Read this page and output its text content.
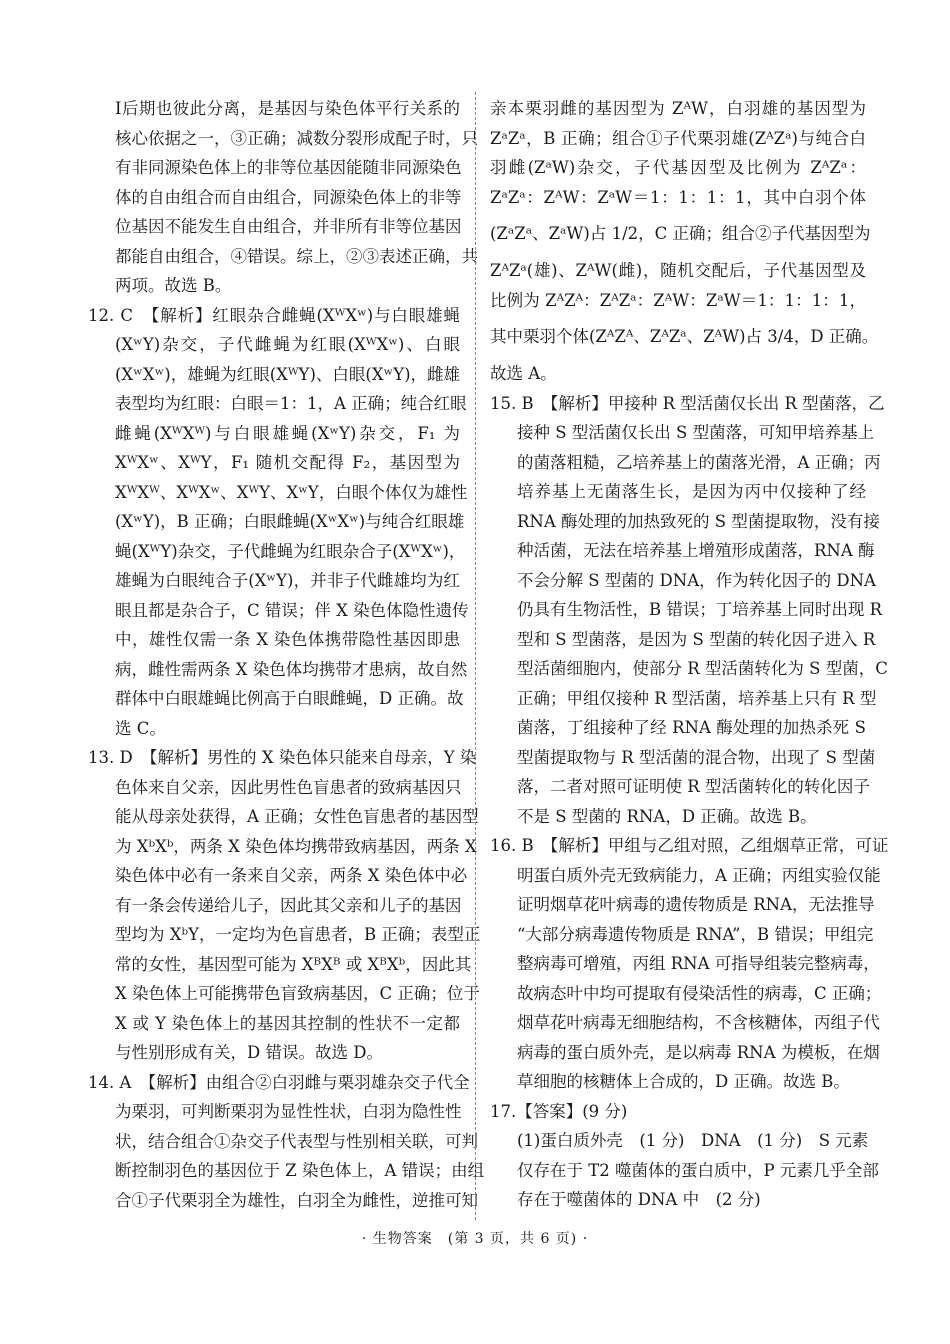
Ⅰ后期也彼此分离，是基因与染色体平行关系的
核心依据之一，③正确；减数分裂形成配子时，只
有非同源染色体上的非等位基因能随非同源染色
体的自由组合而自由组合，同源染色体上的非等
位基因不能发生自由组合，并非所有非等位基因
都能自由组合，④错误。综上，②③表述正确，共
两项。故选 B。
12. C　【解析】红眼杂合雌蝇(XᵂXʷ)与白眼雄蝇
(XʷY)杂交，子代雌蝇为红眼(XᵂXʷ)、白眼
(XʷXʷ)，雄蝇为红眼(XᵂY)、白眼(XʷY)，雌雄
表型均为红眼：白眼＝1：1，A 正确；纯合红眼
雌蝇(XᵂXᵂ)与白眼雄蝇(XʷY)杂交，F₁ 为
XᵂXʷ、XᵂY，F₁ 随机交配得 F₂，基因型为
XᵂXᵂ、XᵂXʷ、XᵂY、XʷY，白眼个体仅为雄性
(XʷY)，B 正确；白眼雌蝇(XʷXʷ)与纯合红眼雄
蝇(XᵂY)杂交，子代雌蝇为红眼杂合子(XᵂXʷ)，
雄蝇为白眼纯合子(XʷY)，并非子代雌雄均为红
眼且都是杂合子，C 错误；伴 X 染色体隐性遗传
中，雄性仅需一条 X 染色体携带隐性基因即患
病，雌性需两条 X 染色体均携带才患病，故自然
群体中白眼雄蝇比例高于白眼雌蝇，D 正确。故
选 C。
13. D　【解析】男性的 X 染色体只能来自母亲，Y 染
色体来自父亲，因此男性色盲患者的致病基因只
能从母亲处获得，A 正确；女性色盲患者的基因型
为 XᵇXᵇ，两条 X 染色体均携带致病基因，两条 X
染色体中必有一条来自父亲，两条 X 染色体中必
有一条会传递给儿子，因此其父亲和儿子的基因
型均为 XᵇY，一定均为色盲患者，B 正确；表型正
常的女性，基因型可能为 XᴮXᴮ 或 XᴮXᵇ，因此其
X 染色体上可能携带色盲致病基因，C 正确；位于
X 或 Y 染色体上的基因其控制的性状不一定都
与性别形成有关，D 错误。故选 D。
14. A　【解析】由组合②白羽雌与栗羽雄杂交子代全
为栗羽，可判断栗羽为显性性状，白羽为隐性性
状，结合组合①杂交子代表型与性别相关联，可判
断控制羽色的基因位于 Z 染色体上，A 错误；由组
合①子代栗羽全为雄性，白羽全为雌性，逆推可知
亲本栗羽雌的基因型为 ZᴬW，白羽雄的基因型为
ZᵃZᵃ，B 正确；组合①子代栗羽雄(ZᴬZᵃ)与纯合白
羽雌(ZᵃW)杂交，子代基因型及比例为 ZᴬZᵃ：
ZᵃZᵃ：ZᴬW：ZᵃW＝1：1：1：1，其中白羽个体
(ZᵃZᵃ、ZᵃW)占 1/2，C 正确；组合②子代基因型为
ZᴬZᵃ(雄)、ZᴬW(雌)，随机交配后，子代基因型及
比例为 ZᴬZᴬ：ZᴬZᵃ：ZᴬW：ZᵃW＝1：1：1：1，
其中栗羽个体(ZᴬZᴬ、ZᴬZᵃ、ZᴬW)占 3/4，D 正确。
故选 A。
15. B　【解析】甲接种 R 型活菌仅长出 R 型菌落，乙
接种 S 型活菌仅长出 S 型菌落，可知甲培养基上
的菌落粗糙，乙培养基上的菌落光滑，A 正确；丙
培养基上无菌落生长，是因为丙中仅接种了经
RNA 酶处理的加热致死的 S 型菌提取物，没有接
种活菌，无法在培养基上增殖形成菌落，RNA 酶
不会分解 S 型菌的 DNA，作为转化因子的 DNA
仍具有生物活性，B 错误；丁培养基上同时出现 R
型和 S 型菌落，是因为 S 型菌的转化因子进入 R
型活菌细胞内，使部分 R 型活菌转化为 S 型菌，C
正确；甲组仅接种 R 型活菌，培养基上只有 R 型
菌落，丁组接种了经 RNA 酶处理的加热杀死 S
型菌提取物与 R 型活菌的混合物，出现了 S 型菌
落，二者对照可证明使 R 型活菌转化的转化因子
不是 S 型菌的 RNA，D 正确。故选 B。
16. B　【解析】甲组与乙组对照，乙组烟草正常，可证
明蛋白质外壳无致病能力，A 正确；丙组实验仅能
证明烟草花叶病毒的遗传物质是 RNA，无法推导
“大部分病毒遗传物质是 RNA”，B 错误；甲组完
整病毒可增殖，丙组 RNA 可指导组装完整病毒，
故病态叶中均可提取有侵染活性的病毒，C 正确；
烟草花叶病毒无细胞结构，不含核糖体，丙组子代
病毒的蛋白质外壳，是以病毒 RNA 为模板，在烟
草细胞的核糖体上合成的，D 正确。故选 B。
17.【答案】(9 分)
(1)蛋白质外壳　(1 分)　DNA　(1 分)　S 元素
仅存在于 T2 噬菌体的蛋白质中，P 元素几乎全部
存在于噬菌体的 DNA 中　(2 分)
· 生物答案　(第 3 页，共 6 页) ·
